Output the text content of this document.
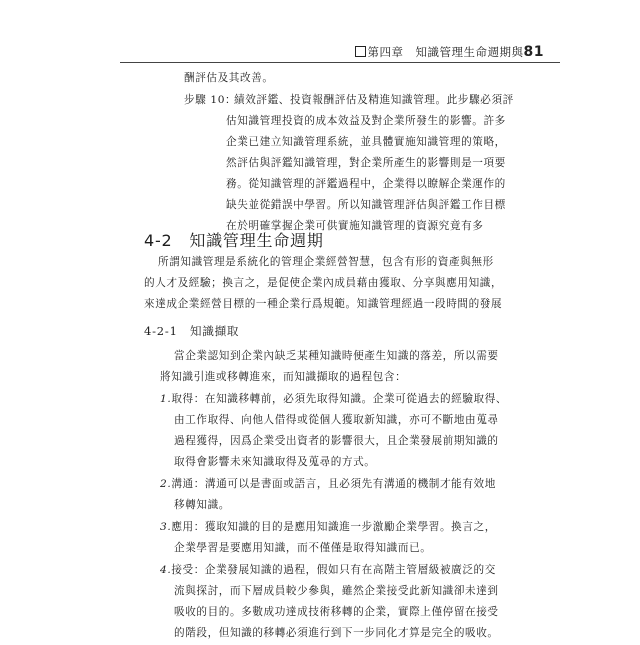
第四章　知識管理生命週期與81
酬評估及其改善。
步驟 10：
績效評鑑、投資報酬評估及精進知識管理。此步驟必須評
估知識管理投資的成本效益及對企業所發生的影響。許多
企業已建立知識管理系統，並具體實施知識管理的策略，
然評估與評鑑知識管理，對企業所產生的影響則是一項要
務。從知識管理的評鑑過程中，企業得以瞭解企業運作的
缺失並從錯誤中學習。所以知識管理評估與評鑑工作目標
在於明確掌握企業可供實施知識管理的資源究竟有多
4-2　知識管理生命週期
所謂知識管理是系統化的管理企業經營智慧，包含有形的資產與無形
的人才及經驗；換言之，是促使企業內成員藉由獲取、分享與應用知識，
來達成企業經營目標的一種企業行爲規範。知識管理經過一段時間的發展
4-2-1　知識擷取
當企業認知到企業內缺乏某種知識時便產生知識的落差，所以需要
將知識引進或移轉進來，而知識擷取的過程包含：
1.取得：在知識移轉前，必須先取得知識。企業可從過去的經驗取得、
由工作取得、向他人借得或從個人獲取新知識，亦可不斷地由蒐尋
過程獲得，因爲企業受出資者的影響很大，且企業發展前期知識的
取得會影響未來知識取得及蒐尋的方式。
2.溝通：溝通可以是書面或語言，且必須先有溝通的機制才能有效地
移轉知識。
3.應用：獲取知識的目的是應用知識進一步激勵企業學習。換言之，
企業學習是要應用知識，而不僅僅是取得知識而已。
4.接受：企業發展知識的過程，假如只有在高階主管層級被廣泛的交
流與探討，而下層成員較少參與，雖然企業接受此新知識卻未達到
吸收的目的。多數成功達成技術移轉的企業，實際上僅停留在接受
的階段，但知識的移轉必須進行到下一步同化才算是完全的吸收。
